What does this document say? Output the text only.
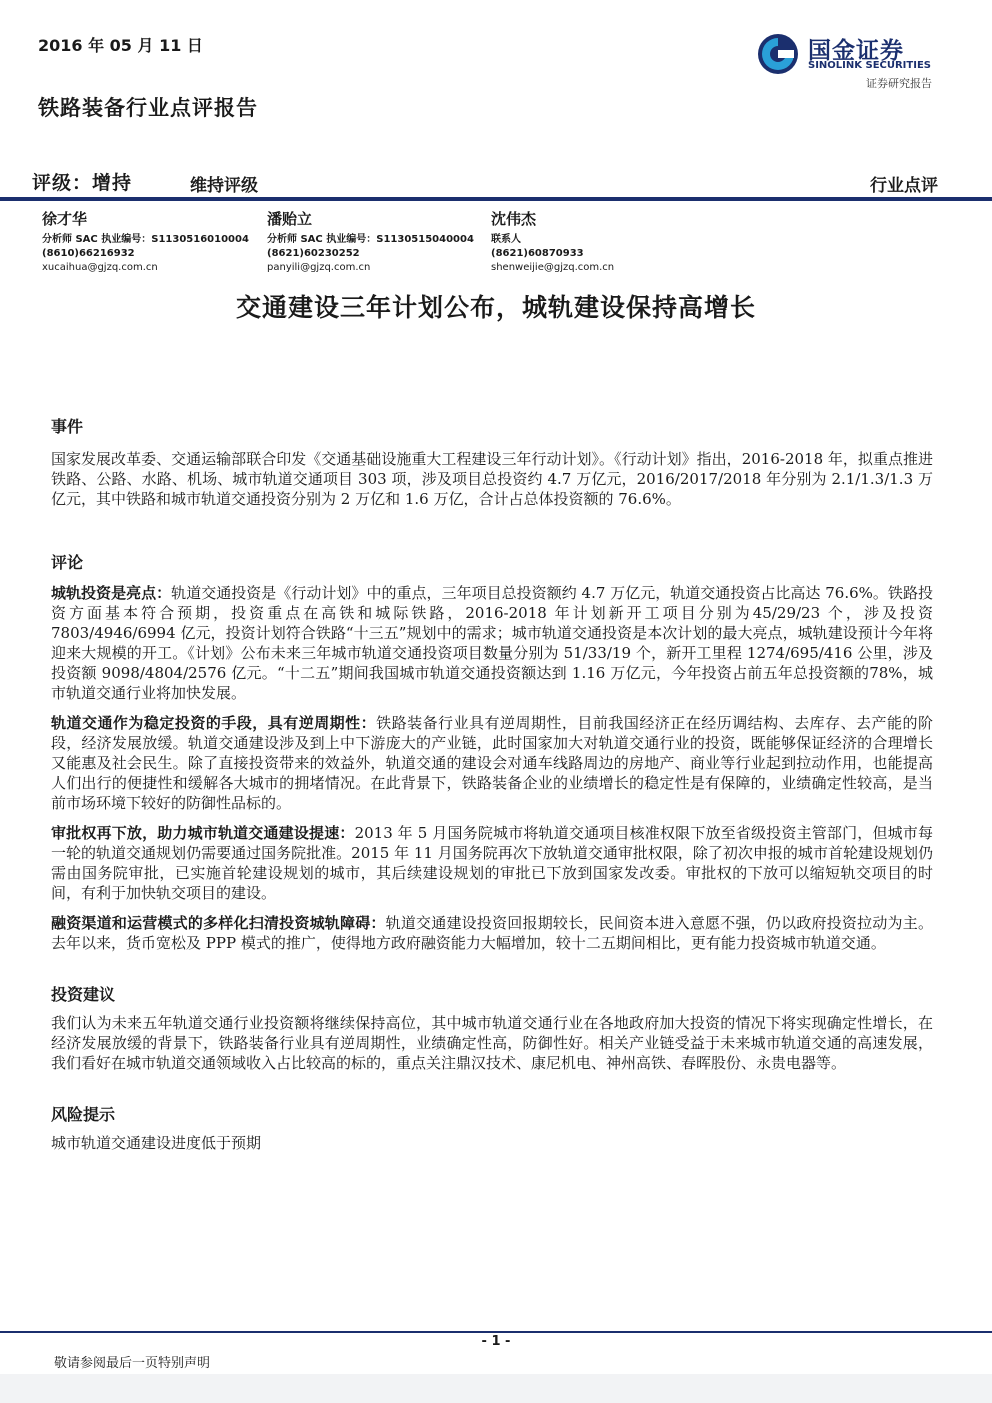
2016 年 05 月 11 日	国金证券
SINOLINK SECURITIES
证券研究报告
铁路装备行业点评报告
评级：增持	维持评级	行业点评
徐才华
分析师 SAC 执业编号：S1130516010004
(8610)66216932
xucaihua@gjzq.com.cn
潘贻立
分析师 SAC 执业编号：S1130515040004
(8621)60230252
panyili@gjzq.com.cn
沈伟杰
联系人
(8621)60870933
shenweijie@gjzq.com.cn
交通建设三年计划公布，城轨建设保持高增长
事件
国家发展改革委、交通运输部联合印发《交通基础设施重大工程建设三年行动计划》。《行动计划》指出，2016-2018 年，拟重点推进铁路、公路、水路、机场、城市轨道交通项目 303 项，涉及项目总投资约 4.7 万亿元，2016/2017/2018 年分别为 2.1/1.3/1.3 万亿元，其中铁路和城市轨道交通投资分别为 2 万亿和 1.6 万亿，合计占总体投资额的 76.6%。
评论
城轨投资是亮点：轨道交通投资是《行动计划》中的重点，三年项目总投资额约 4.7 万亿元，轨道交通投资占比高达 76.6%。铁路投资方面基本符合预期，投资重点在高铁和城际铁路，2016-2018 年计划新开工项目分别为45/29/23 个，涉及投资 7803/4946/6994 亿元，投资计划符合铁路“十三五”规划中的需求；城市轨道交通投资是本次计划的最大亮点，城轨建设预计今年将迎来大规模的开工。《计划》公布未来三年城市轨道交通投资项目数量分别为 51/33/19 个，新开工里程 1274/695/416 公里，涉及投资额 9098/4804/2576 亿元。“十二五”期间我国城市轨道交通投资额达到 1.16 万亿元，今年投资占前五年总投资额的78%，城市轨道交通行业将加快发展。
轨道交通作为稳定投资的手段，具有逆周期性：铁路装备行业具有逆周期性，目前我国经济正在经历调结构、去库存、去产能的阶段，经济发展放缓。轨道交通建设涉及到上中下游庞大的产业链，此时国家加大对轨道交通行业的投资，既能够保证经济的合理增长又能惠及社会民生。除了直接投资带来的效益外，轨道交通的建设会对通车线路周边的房地产、商业等行业起到拉动作用，也能提高人们出行的便捷性和缓解各大城市的拥堵情况。在此背景下，铁路装备企业的业绩增长的稳定性是有保障的，业绩确定性较高，是当前市场环境下较好的防御性品标的。
审批权再下放，助力城市轨道交通建设提速：2013 年 5 月国务院城市将轨道交通项目核准权限下放至省级投资主管部门，但城市每一轮的轨道交通规划仍需要通过国务院批准。2015 年 11 月国务院再次下放轨道交通审批权限，除了初次申报的城市首轮建设规划仍需由国务院审批，已实施首轮建设规划的城市，其后续建设规划的审批已下放到国家发改委。审批权的下放可以缩短轨交项目的时间，有利于加快轨交项目的建设。
融资渠道和运营模式的多样化扫清投资城轨障碍：轨道交通建设投资回报期较长，民间资本进入意愿不强，仍以政府投资拉动为主。去年以来，货币宽松及 PPP 模式的推广，使得地方政府融资能力大幅增加，较十二五期间相比，更有能力投资城市轨道交通。
投资建议
我们认为未来五年轨道交通行业投资额将继续保持高位，其中城市轨道交通行业在各地政府加大投资的情况下将实现确定性增长，在经济发展放缓的背景下，铁路装备行业具有逆周期性，业绩确定性高，防御性好。相关产业链受益于未来城市轨道交通的高速发展，我们看好在城市轨道交通领域收入占比较高的标的，重点关注鼎汉技术、康尼机电、神州高铁、春晖股份、永贵电器等。
风险提示
城市轨道交通建设进度低于预期
- 1 -
敬请参阅最后一页特别声明
